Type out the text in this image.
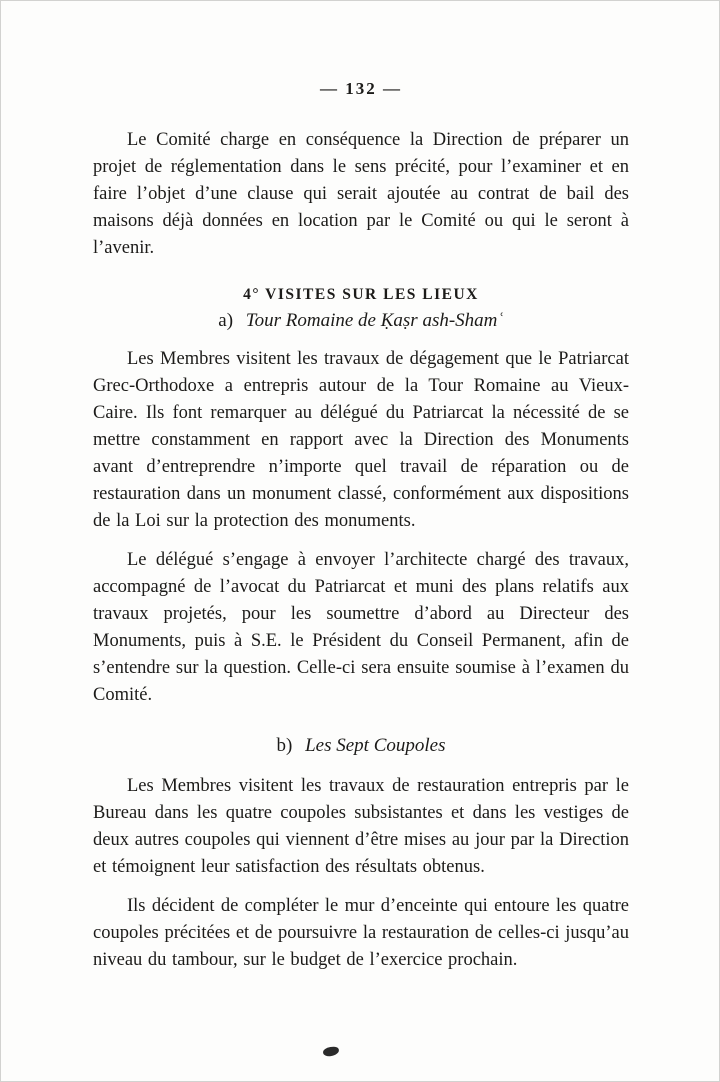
— 132 —

Le Comité charge en conséquence la Direction de préparer un projet de réglementation dans le sens précité, pour l’examiner et en faire l’objet d’une clause qui serait ajoutée au contrat de bail des maisons déjà données en location par le Comité ou qui le seront à l’avenir.

4° VISITES SUR LES LIEUX
a) Tour Romaine de Ḳaṣr ash-Shamʿ

Les Membres visitent les travaux de dégagement que le Patriarcat Grec-Orthodoxe a entrepris autour de la Tour Romaine au Vieux-Caire. Ils font remarquer au délégué du Patriarcat la nécessité de se mettre constamment en rapport avec la Direction des Monuments avant d’entreprendre n’importe quel travail de réparation ou de restauration dans un monument classé, conformément aux dispositions de la Loi sur la protection des monuments.

Le délégué s’engage à envoyer l’architecte chargé des travaux, accompagné de l’avocat du Patriarcat et muni des plans relatifs aux travaux projetés, pour les soumettre d’abord au Directeur des Monuments, puis à S.E. le Président du Conseil Permanent, afin de s’entendre sur la question. Celle-ci sera ensuite soumise à l’examen du Comité.

b) Les Sept Coupoles

Les Membres visitent les travaux de restauration entrepris par le Bureau dans les quatre coupoles subsistantes et dans les vestiges de deux autres coupoles qui viennent d’être mises au jour par la Direction et témoignent leur satisfaction des résultats obtenus.

Ils décident de compléter le mur d’enceinte qui entoure les quatre coupoles précitées et de poursuivre la restauration de celles-ci jusqu’au niveau du tambour, sur le budget de l’exercice prochain.
